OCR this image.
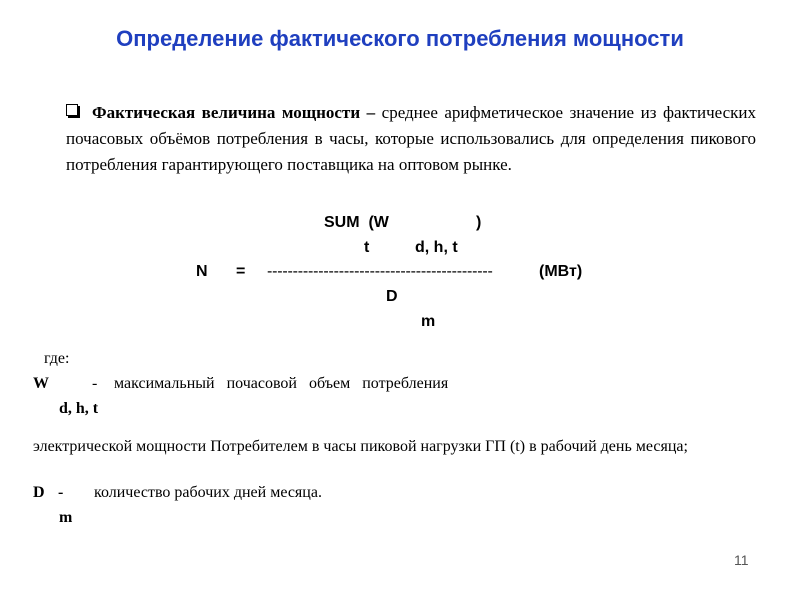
Определение фактического потребления мощности
Фактическая величина мощности – среднее арифметическое значение из фактических почасовых объёмов потребления в часы, которые использовались для определения пикового потребления гарантирующего поставщика на оптовом рынке.
SUM  (W	)
t	d, h, t
N = --------------------------------------------	(МВт)
D
m
где:
W	- максимальный   почасовой   объем   потребления
d, h, t
электрической мощности Потребителем в часы пиковой нагрузки ГП (t) в рабочий день месяца;
D - количество рабочих дней месяца.
m
11
